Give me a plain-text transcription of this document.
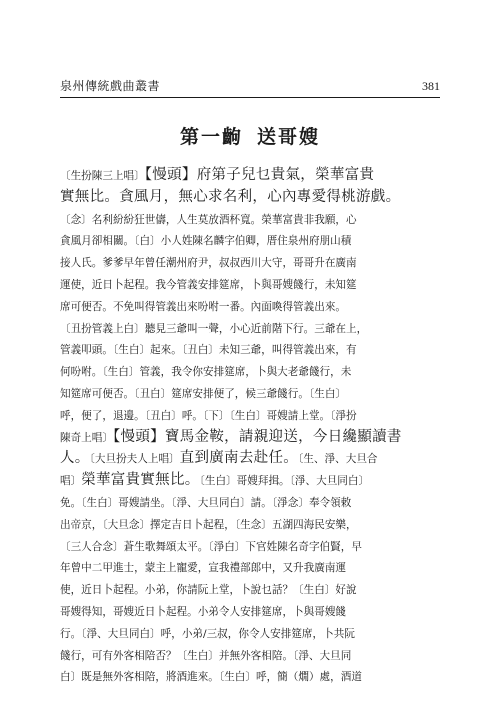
泉州傳統戲曲叢書	381
第一齣 送哥嫂
〔生扮陳三上唱〕【慢頭】府第子兒乜貴氣，榮華富貴
實無比。貪風月，無心求名利，心內專愛得桃游戲。
〔念〕名利紛紛狂世儔，人生莫放酒杯寬。榮華富貴非我願，心
貪風月卻相關。〔白〕小人姓陳名麟字伯卿，厝住泉州府朋山積
接人氏。爹爹早年曾任潮州府尹，叔叔西川大守，哥哥升在廣南
運使，近日卜起程。我今管義安排筵席，卜與哥嫂餞行，未知筵
席可便否。不免叫得管義出來吩咐一番。內面喚得管義出來。
〔丑扮管義上白〕聽見三爺叫一聲，小心近前階下行。三爺在上，
管義叩頭。〔生白〕起來。〔丑白〕未知三爺，叫得管義出來，有
何吩咐。〔生白〕管義，我令你安排筵席，卜與大老爺餞行，未
知筵席可便否。〔丑白〕筵席安排便了，候三爺餞行。〔生白〕
呼，便了，退邊。〔丑白〕呼。〔下〕〔生白〕哥嫂請上堂。〔淨扮
陳奇上唱〕【慢頭】寶馬金鞍，請親迎送，今日纔顯讀書
人。〔大旦扮夫人上唱〕直到廣南去赴任。〔生、淨、大旦合
唱〕榮華富貴實無比。〔生白〕哥嫂拜揖。〔淨、大旦同白〕
免。〔生白〕哥嫂請坐。〔淨、大旦同白〕請。〔淨念〕奉令領敕
出帝京，〔大旦念〕擇定吉日卜起程，〔生念〕五湖四海民安樂，
〔三人合念〕蒼生歌舞頌太平。〔淨白〕下官姓陳名奇字伯賢，早
年曾中二甲進士，蒙主上寵愛，宣我禮部郎中，又升我廣南運
使，近日卜起程。小弟，你請阮上堂，卜說乜話？〔生白〕好說
哥嫂得知，哥嫂近日卜起程。小弟令人安排筵席，卜與哥嫂餞
行。〔淨、大旦同白〕呼，小弟/三叔，你令人安排筵席，卜共阮
餞行，可有外客相陪否？〔生白〕并無外客相陪。〔淨、大旦同
白〕既是無外客相陪，將酒進來。〔生白〕呼，簡（燗）處，酒道
